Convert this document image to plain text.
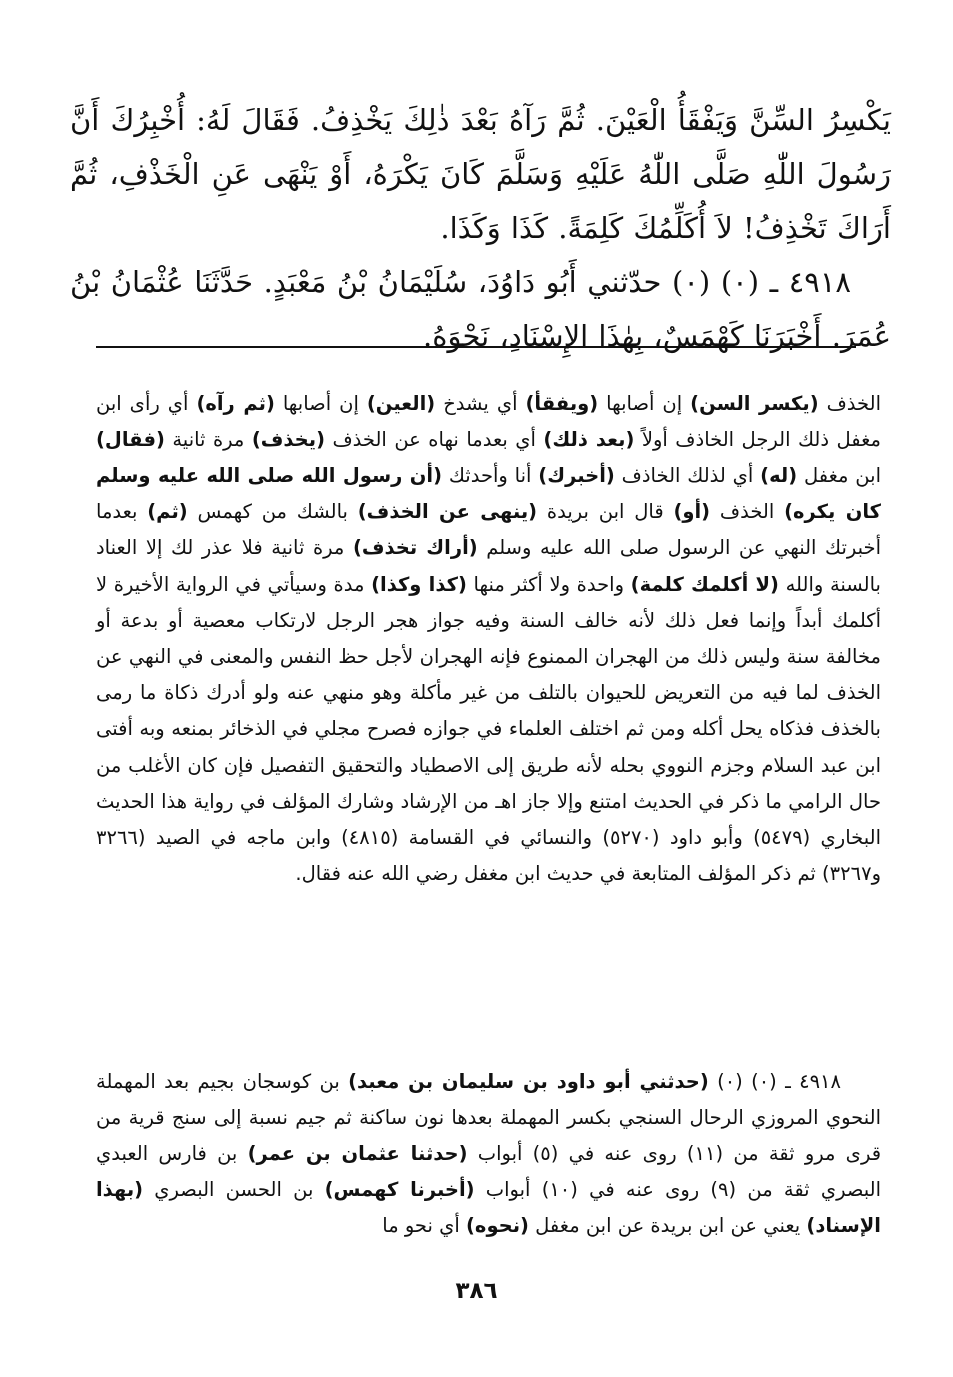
يَكْسِرُ السِّنَّ وَيَفْقَأُ الْعَيْنَ. ثُمَّ رَآهُ بَعْدَ ذٰلِكَ يَخْذِفُ. فَقَالَ لَهُ: أُخْبِرُكَ أَنَّ رَسُولَ اللّٰهِ صَلَّى اللّٰهُ عَلَيْهِ وَسَلَّمَ كَانَ يَكْرَهُ، أَوْ يَنْهَى عَنِ الْخَذْفِ، ثُمَّ أَرَاكَ تَخْذِفُ! لاَ أُكَلِّمُكَ كَلِمَةً. كَذَا وَكَذَا.

٤٩١٨ ـ (٠) (٠) حدّثني أَبُو دَاوُدَ، سُلَيْمَانُ بْنُ مَعْبَدٍ. حَدَّثَنَا عُثْمَانُ بْنُ عُمَرَ. أَخْبَرَنَا كَهْمَسٌ، بِهٰذَا الإِسْنَادِ، نَحْوَهُ.

الخذف (يكسر السن) إن أصابها (ويفقأ) أي يشدخ (العين) إن أصابها (ثم رآه) أي رأى ابن مغفل ذلك الرجل الخاذف أولاً (بعد ذلك) أي بعدما نهاه عن الخذف (يخذف) مرة ثانية (فقال) ابن مغفل (له) أي لذلك الخاذف (أخبرك) أنا وأحدثك (أن رسول الله صلى الله عليه وسلم كان يكره) الخذف (أو) قال ابن بريدة (ينهى عن الخذف) بالشك من كهمس (ثم) بعدما أخبرتك النهي عن الرسول صلى الله عليه وسلم (أراك تخذف) مرة ثانية فلا عذر لك إلا العناد بالسنة والله (لا أكلمك كلمة) واحدة ولا أكثر منها (كذا وكذا) مدة وسيأتي في الرواية الأخيرة لا أكلمك أبداً وإنما فعل ذلك لأنه خالف السنة وفيه جواز هجر الرجل لارتكاب معصية أو بدعة أو مخالفة سنة وليس ذلك من الهجران الممنوع فإنه الهجران لأجل حظ النفس والمعنى في النهي عن الخذف لما فيه من التعريض للحيوان بالتلف من غير مأكلة وهو منهي عنه ولو أدرك ذكاة ما رمى بالخذف فذكاه يحل أكله ومن ثم اختلف العلماء في جوازه فصرح مجلي في الذخائر بمنعه وبه أفتى ابن عبد السلام وجزم النووي بحله لأنه طريق إلى الاصطياد والتحقيق التفصيل فإن كان الأغلب من حال الرامي ما ذكر في الحديث امتنع وإلا جاز اهـ من الإرشاد وشارك المؤلف في رواية هذا الحديث البخاري (٥٤٧٩) وأبو داود (٥٢٧٠) والنسائي في القسامة (٤٨١٥) وابن ماجه في الصيد (٣٢٦٦ و٣٢٦٧) ثم ذكر المؤلف المتابعة في حديث ابن مغفل رضي الله عنه فقال.

٤٩١٨ ـ (٠) (٠) (حدثني أبو داود بن سليمان بن معبد) بن كوسجان بجيم بعد المهملة النحوي المروزي الرحال السنجي بكسر المهملة بعدها نون ساكنة ثم جيم نسبة إلى سنج قرية من قرى مرو ثقة من (١١) روى عنه في (٥) أبواب (حدثنا عثمان بن عمر) بن فارس العبدي البصري ثقة من (٩) روى عنه في (١٠) أبواب (أخبرنا كهمس) بن الحسن البصري (بهذا الإسناد) يعني عن ابن بريدة عن ابن مغفل (نحوه) أي نحو ما

٣٨٦
